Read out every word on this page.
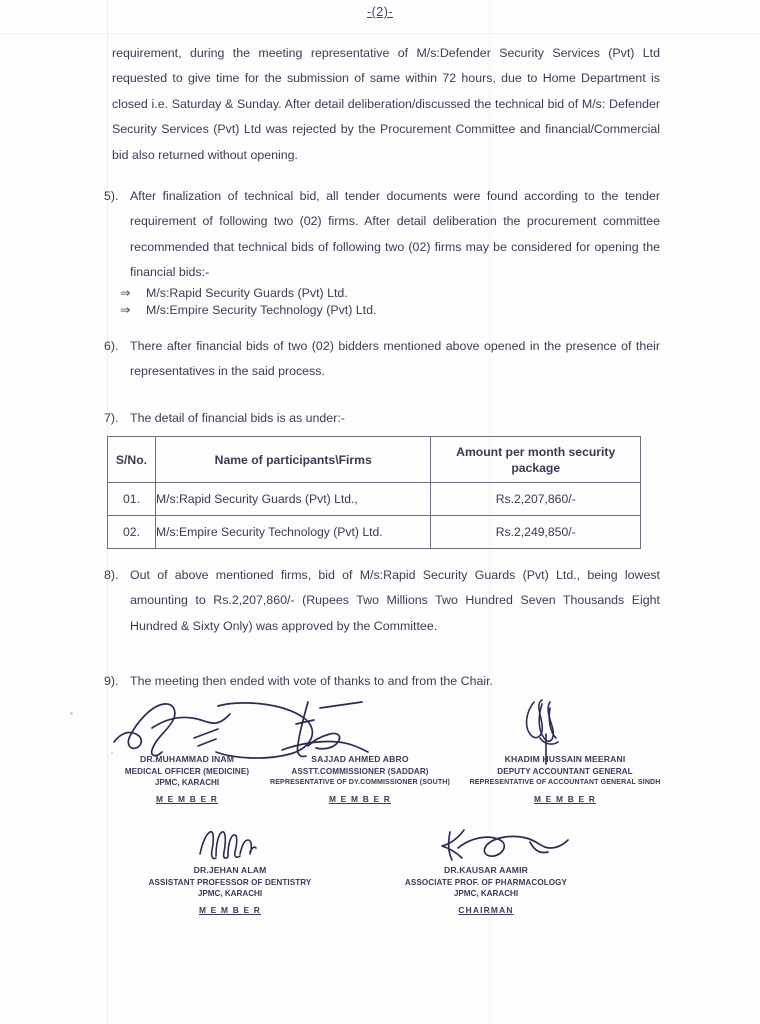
-(2)-

requirement, during the meeting representative of M/s:Defender Security Services (Pvt) Ltd requested to give time for the submission of same within 72 hours, due to Home Department is closed i.e. Saturday & Sunday. After detail deliberation/discussed the technical bid of M/s: Defender Security Services (Pvt) Ltd was rejected by the Procurement Committee and financial/Commercial bid also returned without opening.

5). After finalization of technical bid, all tender documents were found according to the tender requirement of following two (02) firms. After detail deliberation the procurement committee recommended that technical bids of following two (02) firms may be considered for opening the financial bids:-
⇒ M/s:Rapid Security Guards (Pvt) Ltd.
⇒ M/s:Empire Security Technology (Pvt) Ltd.
6). There after financial bids of two (02) bidders mentioned above opened in the presence of their representatives in the said process.
7). The detail of financial bids is as under:-
S/No.	Name of participants\Firms	Amount per month security package
01.	M/s:Rapid Security Guards (Pvt) Ltd.,	Rs.2,207,860/-
02.	M/s:Empire Security Technology (Pvt) Ltd.	Rs.2,249,850/-
8). Out of above mentioned firms, bid of M/s:Rapid Security Guards (Pvt) Ltd., being lowest amounting to Rs.2,207,860/- (Rupees Two Millions Two Hundred Seven Thousands Eight Hundred & Sixty Only) was approved by the Committee.
9). The meeting then ended with vote of thanks to and from the Chair.
DR.MUHAMMAD INAM
MEDICAL OFFICER (MEDICINE)
JPMC, KARACHI
M E M B E R
SAJJAD AHMED ABRO
ASSTT.COMMISSIONER (SADDAR)
REPRESENTATIVE OF DY.COMMISSIONER (SOUTH)
M E M B E R
KHADIM HUSSAIN MEERANI
DEPUTY ACCOUNTANT GENERAL
REPRESENTATIVE OF ACCOUNTANT GENERAL SINDH
M E M B E R
DR.JEHAN ALAM
ASSISTANT PROFESSOR OF DENTISTRY
JPMC, KARACHI
M E M B E R
DR.KAUSAR AAMIR
ASSOCIATE PROF. OF PHARMACOLOGY
JPMC, KARACHI
CHAIRMAN
